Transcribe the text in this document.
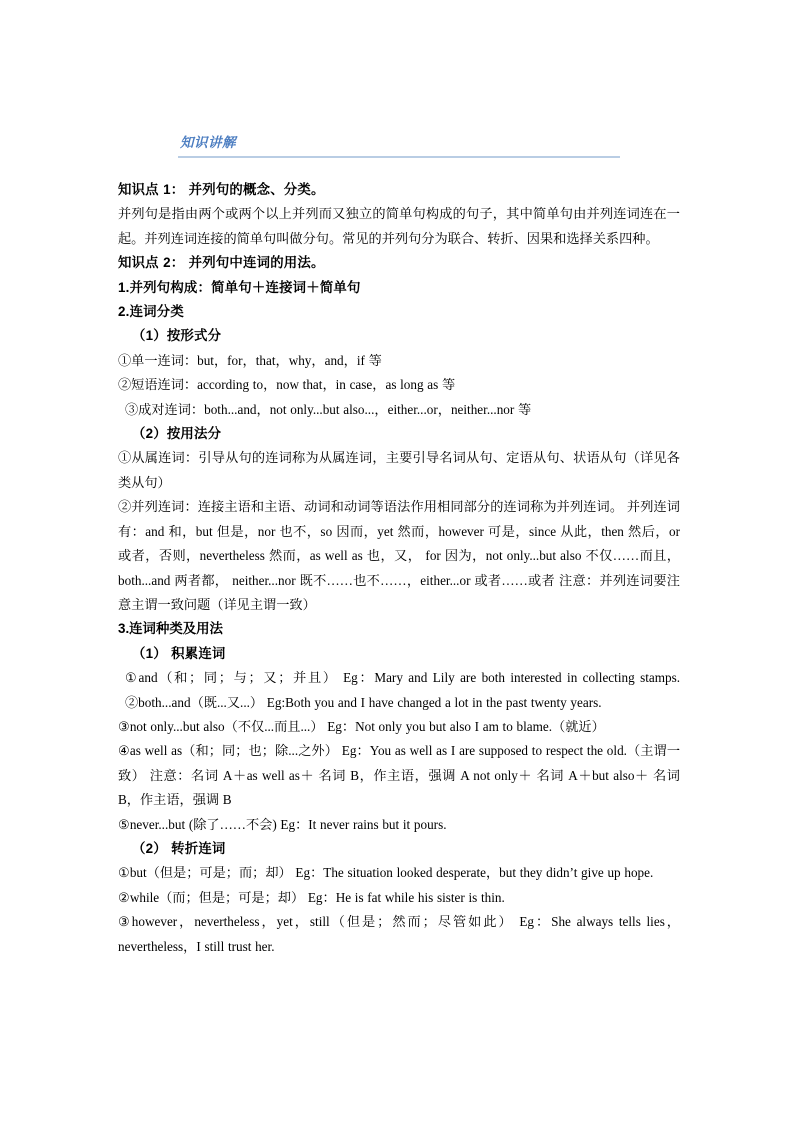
知识讲解

知识点 1： 并列句的概念、分类。

并列句是指由两个或两个以上并列而又独立的简单句构成的句子，其中简单句由并列连词连在一起。并列连词连接的简单句叫做分句。常见的并列句分为联合、转折、因果和选择关系四种。

知识点 2： 并列句中连词的用法。

1.并列句构成：简单句＋连接词＋简单句

2.连词分类

（1）按形式分

①单一连词：but，for，that，why，and，if 等

②短语连词：according to，now that，in case，as long as 等

③成对连词：both...and，not only...but also...，either...or，neither...nor 等

（2）按用法分

①从属连词：引导从句的连词称为从属连词，主要引导名词从句、定语从句、状语从句（详见各类从句）

②并列连词：连接主语和主语、动词和动词等语法作用相同部分的连词称为并列连词。 并列连词有：and 和，but 但是，nor 也不，so 因而，yet 然而，however 可是，since 从此，then 然后，or 或者，否则，nevertheless 然而，as well as 也，又， for 因为，not only...but also 不仅……而且，both...and 两者都， neither...nor 既不……也不……，either...or 或者……或者 注意：并列连词要注意主谓一致问题（详见主谓一致）

3.连词种类及用法

（1） 积累连词

①and（和；同；与；又；并且） Eg：Mary and Lily are both interested in collecting stamps. ②both...and（既...又...） Eg:Both you and I have changed a lot in the past twenty years.

③not only...but also（不仅...而且...） Eg：Not only you but also I am to blame.（就近）

④as well as（和；同；也；除...之外） Eg：You as well as I are supposed to respect the old.（主谓一致） 注意：名词 A＋as well as＋ 名词 B，作主语，强调 A not only＋ 名词 A＋but also＋ 名词 B，作主语，强调 B

⑤never...but (除了……不会) Eg：It never rains but it pours.

（2） 转折连词

①but（但是；可是；而；却） Eg：The situation looked desperate，but they didn’t give up hope.

②while（而；但是；可是；却） Eg：He is fat while his sister is thin.

③however，nevertheless，yet，still（但是；然而；尽管如此） Eg：She always tells lies，nevertheless，I still trust her.
